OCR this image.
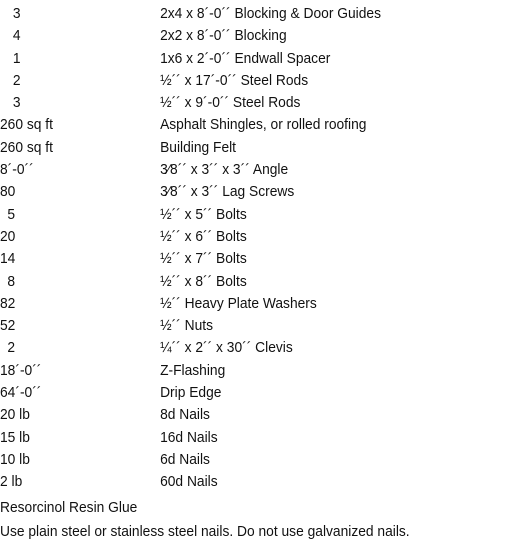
3	2x4 x 8´-0´´ Blocking & Door Guides
4	2x2 x 8´-0´´ Blocking
1	1x6 x 2´-0´´ Endwall Spacer
2	½´´ x 17´-0´´ Steel Rods
3	½´´ x 9´-0´´ Steel Rods
260 sq ft	Asphalt Shingles, or rolled roofing
260 sq ft	Building Felt
8´-0´´	3⁄8´´ x 3´´ x 3´´ Angle
80	3⁄8´´ x 3´´ Lag Screws
5	½´´ x 5´´ Bolts
20	½´´ x 6´´ Bolts
14	½´´ x 7´´ Bolts
8	½´´ x 8´´ Bolts
82	½´´ Heavy Plate Washers
52	½´´ Nuts
2	¼´´ x 2´´ x 30´´ Clevis
18´-0´´	Z-Flashing
64´-0´´	Drip Edge
20 lb	8d Nails
15 lb	16d Nails
10 lb	6d Nails
2 lb	60d Nails
Resorcinol Resin Glue
Use plain steel or stainless steel nails. Do not use galvanized nails.
